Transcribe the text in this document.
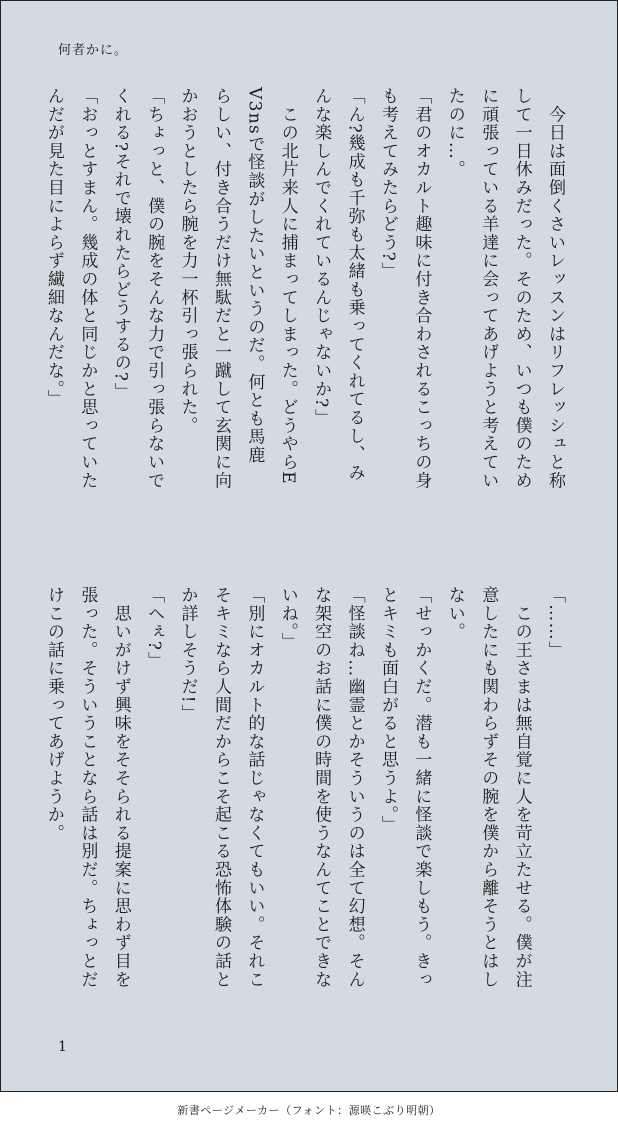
何者かに。
　今日は面倒くさいレッスンはリフレッシュと称
して一日休みだった。そのため、いつも僕のため
に頑張っている羊達に会ってあげようと考えてい
たのに…。
「君のオカルト趣味に付き合わされるこっちの身
も考えてみたらどう?」
「ん?幾成も千弥も太緒も乗ってくれてるし、み
んな楽しんでくれているんじゃないか?」
　この北片来人に捕まってしまった。どうやらE
V3nsで怪談がしたいというのだ。何とも馬鹿
らしい、付き合うだけ無駄だと一蹴して玄関に向
かおうとしたら腕を力一杯引っ張られた。
「ちょっと、僕の腕をそんな力で引っ張らないで
くれる?それで壊れたらどうするの?」
「おっとすまん。幾成の体と同じかと思っていた
んだが見た目によらず繊細なんだな。」
「……」
　この王さまは無自覚に人を苛立たせる。僕が注
意したにも関わらずその腕を僕から離そうとはし
ない。
「せっかくだ。潜も一緒に怪談で楽しもう。きっ
とキミも面白がると思うよ。」
「怪談ね…幽霊とかそういうのは全て幻想。そん
な架空のお話に僕の時間を使うなんてことできな
いね。」
「別にオカルト的な話じゃなくてもいい。それこ
そキミなら人間だからこそ起こる恐怖体験の話と
か詳しそうだ!」
「へぇ?」
　思いがけず興味をそそられる提案に思わず目を
張った。そういうことなら話は別だ。ちょっとだ
けこの話に乗ってあげようか。
1
新書ページメーカー（フォント：源暎こぶり明朝）
